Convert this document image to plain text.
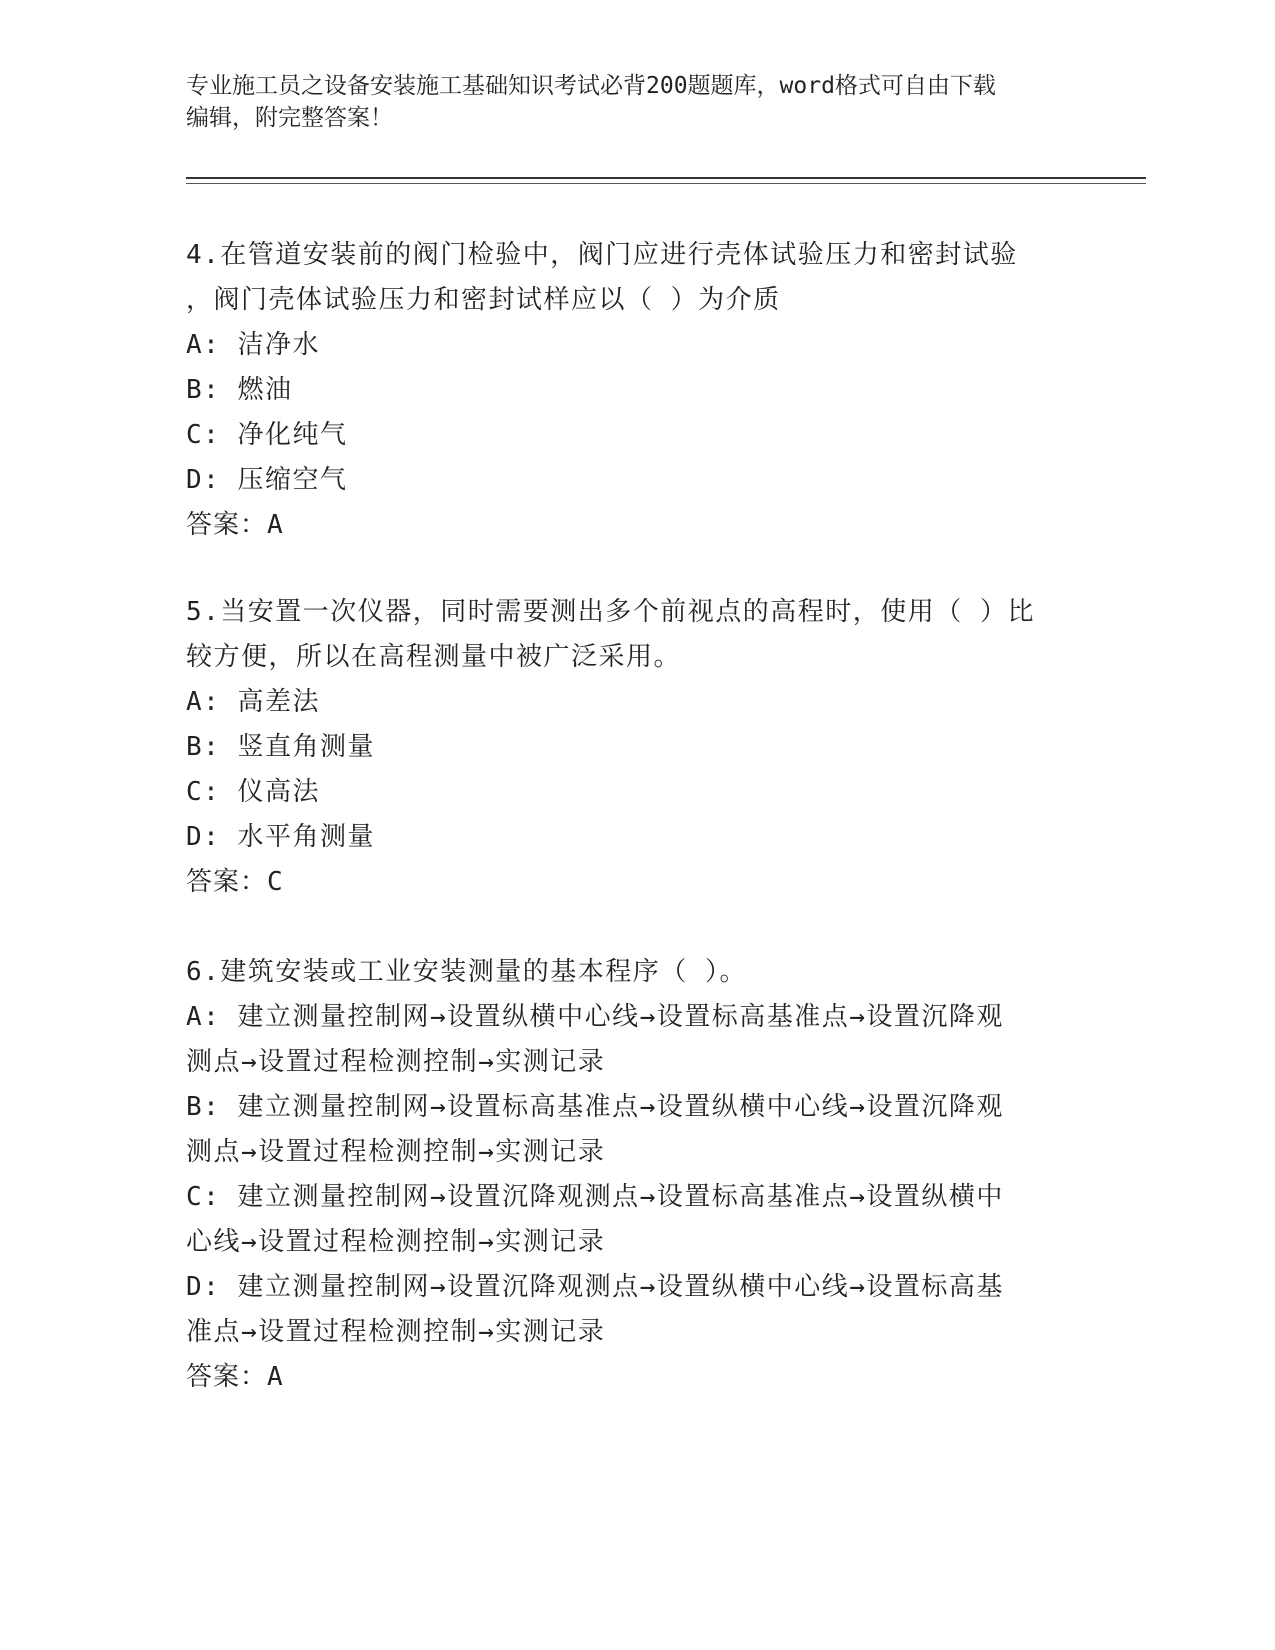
专业施工员之设备安装施工基础知识考试必背200题题库，word格式可自由下载
编辑，附完整答案！
4.在管道安装前的阀门检验中，阀门应进行壳体试验压力和密封试验
，阀门壳体试验压力和密封试样应以（ ）为介质
A: 洁净水
B: 燃油
C: 净化纯气
D: 压缩空气
答案：A
5.当安置一次仪器，同时需要测出多个前视点的高程时，使用（ ）比
较方便，所以在高程测量中被广泛采用。
A: 高差法
B: 竖直角测量
C: 仪高法
D: 水平角测量
答案：C
6.建筑安装或工业安装测量的基本程序（ ）。
A: 建立测量控制网→设置纵横中心线→设置标高基准点→设置沉降观
测点→设置过程检测控制→实测记录
B: 建立测量控制网→设置标高基准点→设置纵横中心线→设置沉降观
测点→设置过程检测控制→实测记录
C: 建立测量控制网→设置沉降观测点→设置标高基准点→设置纵横中
心线→设置过程检测控制→实测记录
D: 建立测量控制网→设置沉降观测点→设置纵横中心线→设置标高基
准点→设置过程检测控制→实测记录
答案：A
